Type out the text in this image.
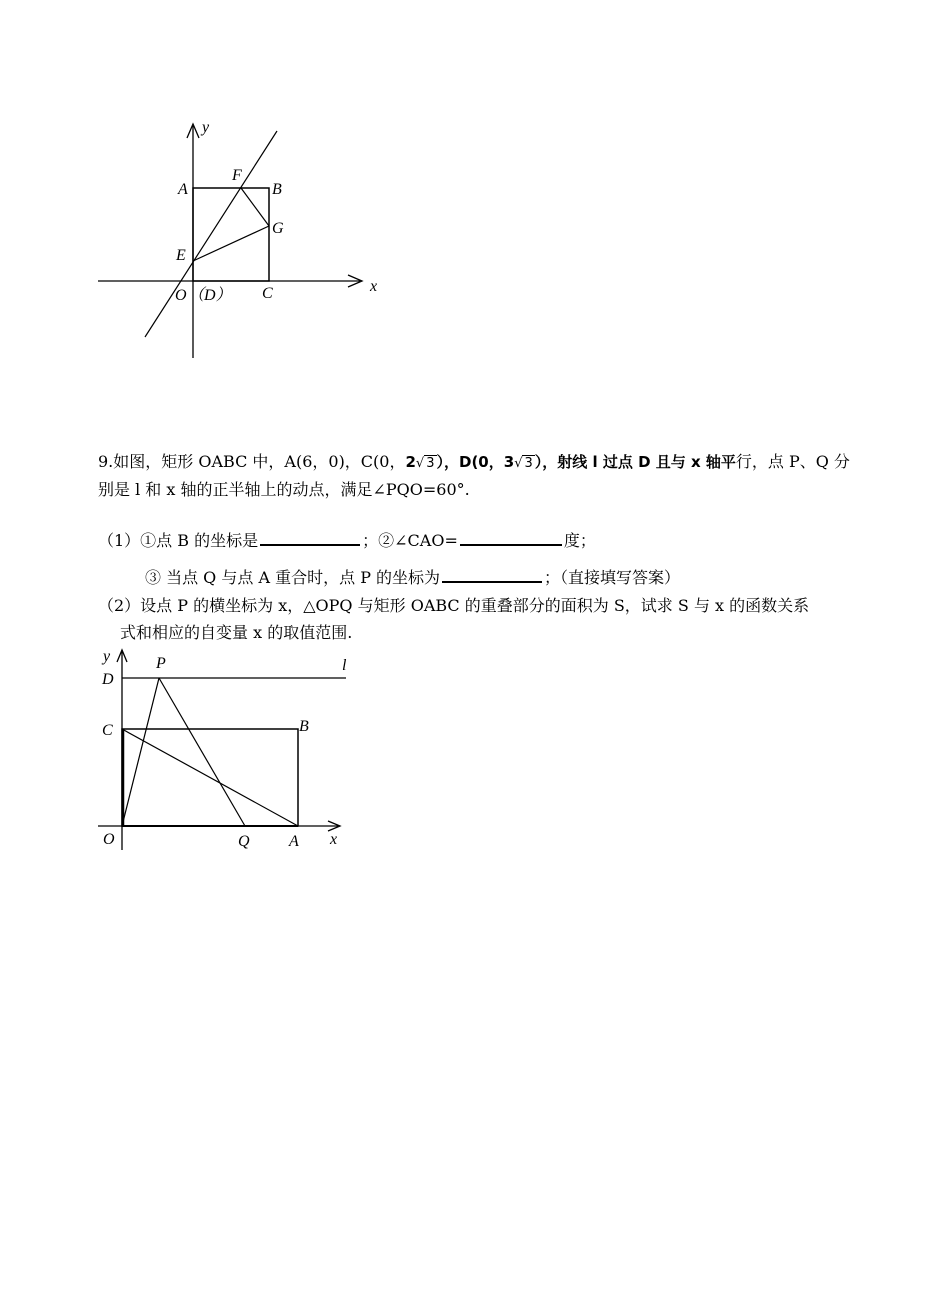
y
x
A
F
B
G
E
O （D） C
9.如图，矩形 OABC 中，A(6，0)，C(0，2√ 3 ），D(0，3√ 3 ），射线 l 过点 D 且与 x 轴平行，点 P、Q 分
别是 l 和 x 轴的正半轴上的动点，满足∠PQO=60°.
（1）①点 B 的坐标是	；②∠CAO=	度；
③ 当点 Q 与点 A 重合时，点 P 的坐标为	；（直接填写答案）
（2）设点 P 的横坐标为 x，△OPQ 与矩形 OABC 的重叠部分的面积为 S，试求 S 与 x 的函数关系
式和相应的自变量 x 的取值范围.
y	P	l
D
C	B
O	Q A x
